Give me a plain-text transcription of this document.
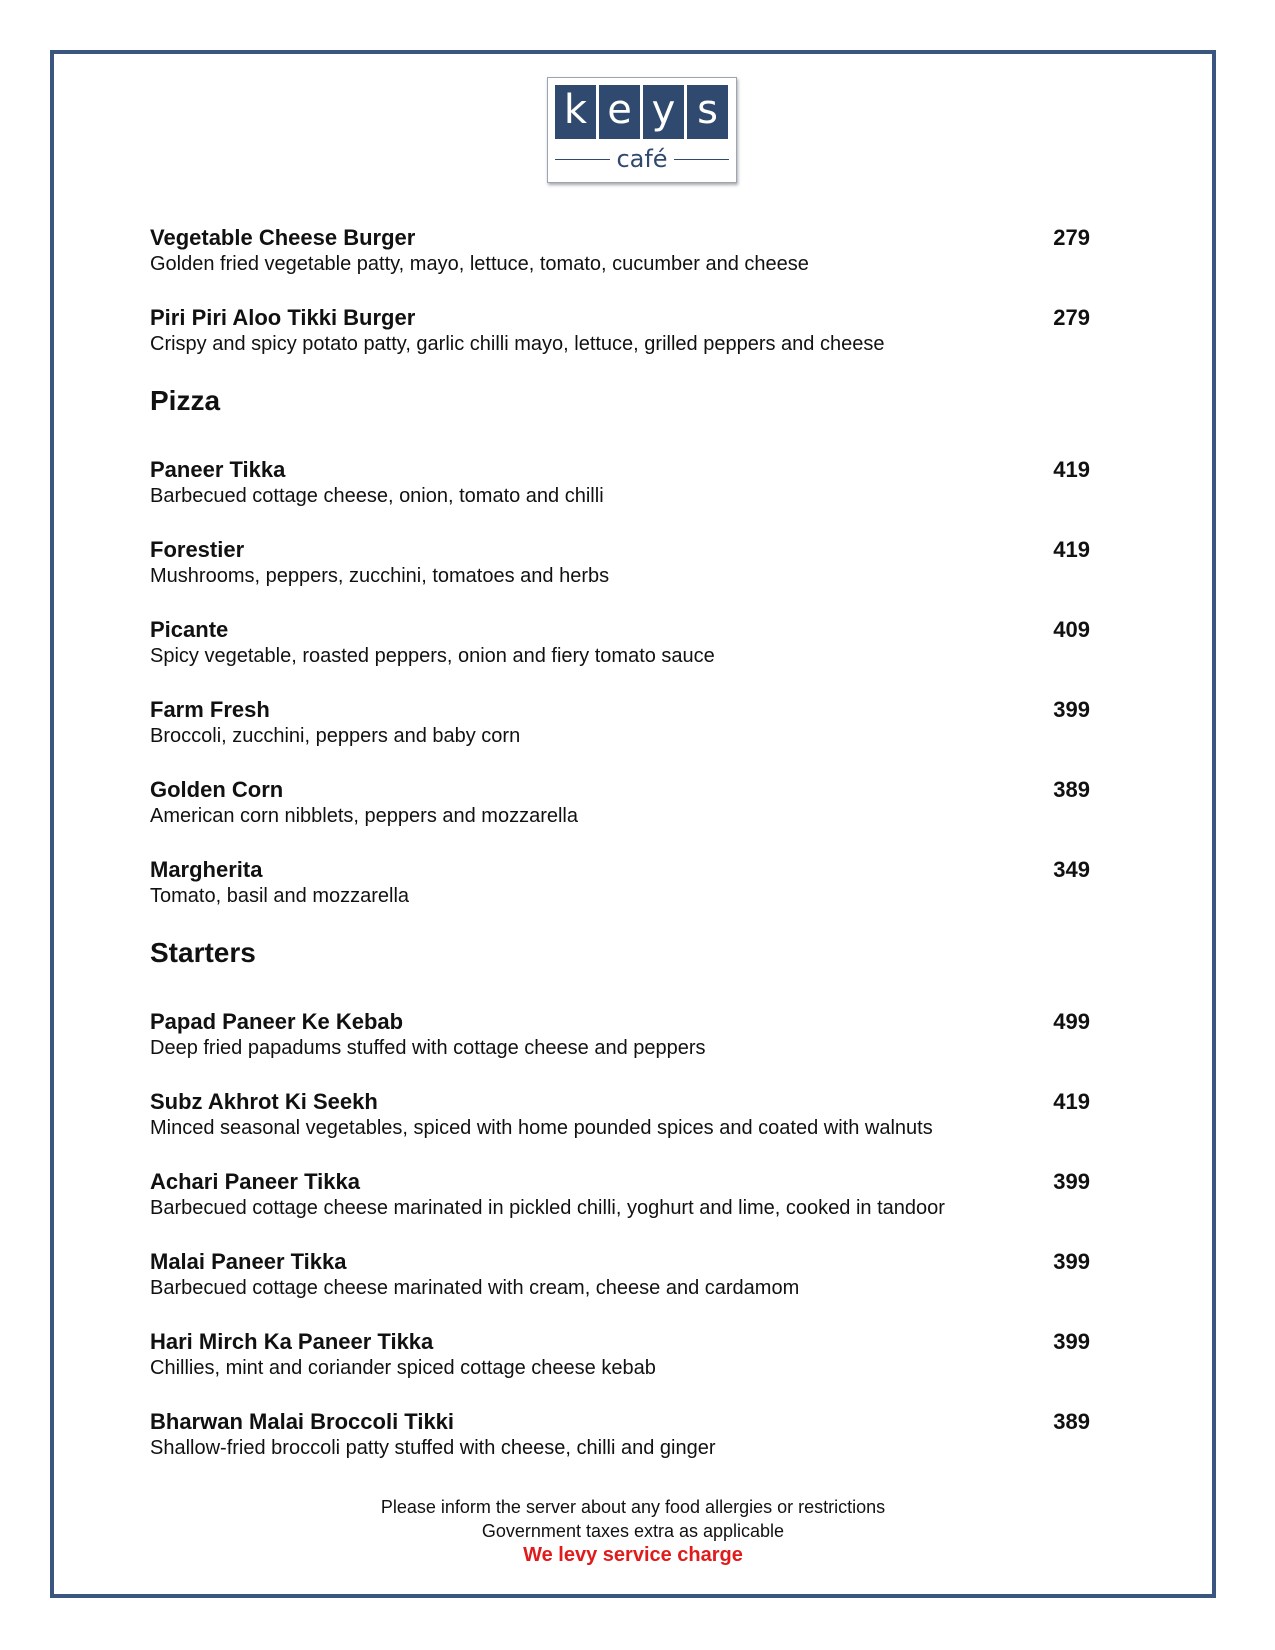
k e y s
café
Vegetable Cheese Burger	279
Golden fried vegetable patty, mayo, lettuce, tomato, cucumber and cheese
Piri Piri Aloo Tikki Burger	279
Crispy and spicy potato patty, garlic chilli mayo, lettuce, grilled peppers and cheese
Pizza
Paneer Tikka	419
Barbecued cottage cheese, onion, tomato and chilli
Forestier	419
Mushrooms, peppers, zucchini, tomatoes and herbs
Picante	409
Spicy vegetable, roasted peppers, onion and fiery tomato sauce
Farm Fresh	399
Broccoli, zucchini, peppers and baby corn
Golden Corn	389
American corn nibblets, peppers and mozzarella
Margherita	349
Tomato, basil and mozzarella
Starters
Papad Paneer Ke Kebab	499
Deep fried papadums stuffed with cottage cheese and peppers
Subz Akhrot Ki Seekh	419
Minced seasonal vegetables, spiced with home pounded spices and coated with walnuts
Achari Paneer Tikka	399
Barbecued cottage cheese marinated in pickled chilli, yoghurt and lime, cooked in tandoor
Malai Paneer Tikka	399
Barbecued cottage cheese marinated with cream, cheese and cardamom
Hari Mirch Ka Paneer Tikka	399
Chillies, mint and coriander spiced cottage cheese kebab
Bharwan Malai Broccoli Tikki	389
Shallow-fried broccoli patty stuffed with cheese, chilli and ginger
Please inform the server about any food allergies or restrictions
Government taxes extra as applicable
We levy service charge
